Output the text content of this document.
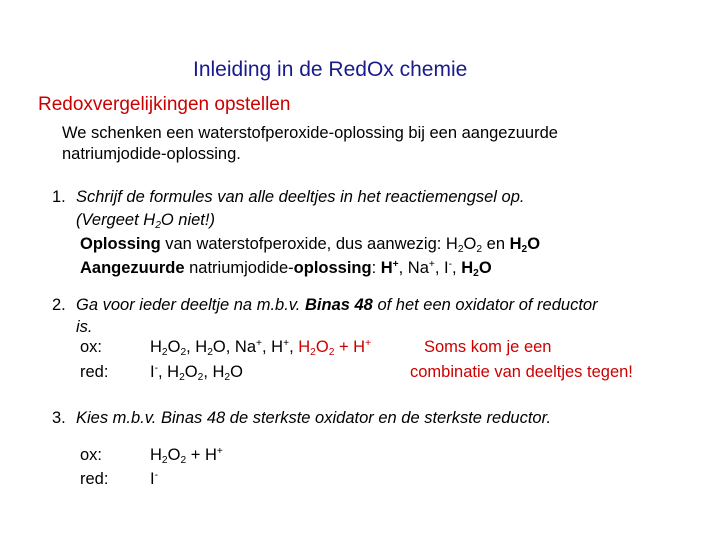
Inleiding in de RedOx chemie
Redoxvergelijkingen opstellen
We schenken een waterstofperoxide-oplossing bij een aangezuurde
natriumjodide-oplossing.
1. Schrijf de formules van alle deeltjes in het reactiemengsel op.
(Vergeet $H_2O$ niet!)
Oplossing van waterstofperoxide, dus aanwezig: $H_2O_2$ en $H_2O$
Aangezuurde natriumjodide-oplossing: H+, Na+, I-, $H_2O$
2. Ga voor ieder deeltje na m.b.v. Binas 48 of het een oxidator of reductor
is.
ox:	$H_2O_2$, $H_2O$, Na+, H+, $H_2O_2 + H^+$	Soms kom je een
red:	I-, $H_2O_2$, $H_2O$	combinatie van deeltjes tegen!
3. Kies m.b.v. Binas 48 de sterkste oxidator en de sterkste reductor.
ox:	$H_2O_2 + H^+$
red:	I-
